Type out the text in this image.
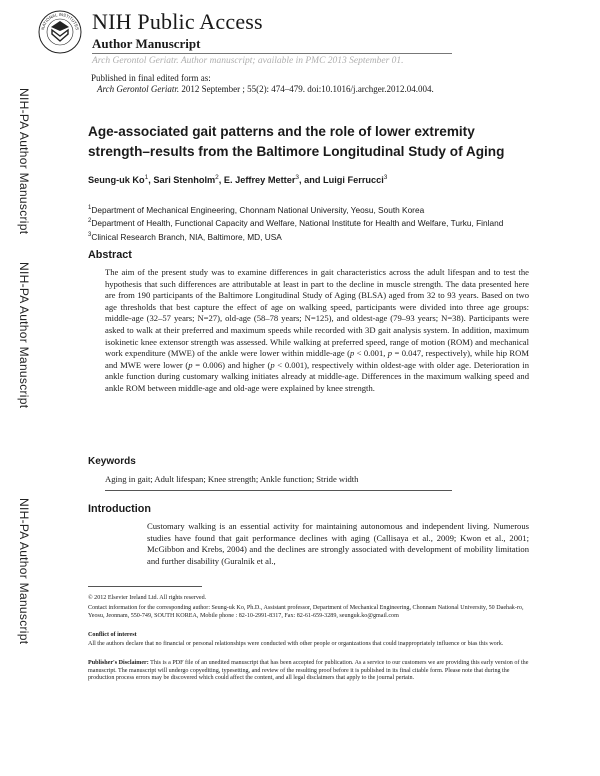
NATIONAL INSTITUTES NIH Public Access
Author Manuscript
Arch Gerontol Geriatr. Author manuscript; available in PMC 2013 September 01.
Published in final edited form as:
Arch Gerontol Geriatr. 2012 September ; 55(2): 474–479. doi:10.1016/j.archger.2012.04.004.
NIH-PA Author Manuscript
NIH-PA Author Manuscript
NIH-PA Author Manuscript
Age-associated gait patterns and the role of lower extremity strength–results from the Baltimore Longitudinal Study of Aging
Seung-uk Ko$^1$, Sari Stenholm$^2$, E. Jeffrey Metter$^3$, and Luigi Ferrucci$^3$
$^1$Department of Mechanical Engineering, Chonnam National University, Yeosu, South Korea
$^2$Department of Health, Functional Capacity and Welfare, National Institute for Health and Welfare, Turku, Finland $^3$Clinical Research Branch, NIA, Baltimore, MD, USA
Abstract
The aim of the present study was to examine differences in gait characteristics across the adult lifespan and to test the hypothesis that such differences are attributable at least in part to the decline in muscle strength. The data presented here are from 190 participants of the Baltimore Longitudinal Study of Aging (BLSA) aged from 32 to 93 years. Based on two age thresholds that best capture the effect of age on walking speed, participants were divided into three age groups: middle-age (32–57 years; N=27), old-age (58–78 years; N=125), and oldest-age (79–93 years; N=38). Participants were asked to walk at their preferred and maximum speeds while recorded with 3D gait analysis system. In addition, maximum isokinetic knee extensor strength was assessed. While walking at preferred speed, range of motion (ROM) and mechanical work expenditure (MWE) of the ankle were lower within middle-age (p < 0.001, p = 0.047, respectively), while hip ROM and MWE were lower (p = 0.006) and higher (p < 0.001), respectively within oldest-age with older age. Deterioration in ankle function during customary walking initiates already at middle-age. Differences in the maximum walking speed and ankle ROM between middle-age and old-age were explained by knee strength.
Keywords
Aging in gait; Adult lifespan; Knee strength; Ankle function; Stride width
Introduction
Customary walking is an essential activity for maintaining autonomous and independent living. Numerous studies have found that gait performance declines with aging (Callisaya et al., 2009; Kwon et al., 2001; McGibbon and Krebs, 2004) and the declines are strongly associated with development of mobility limitation and further disability (Guralnik et al.,
© 2012 Elsevier Ireland Ltd. All rights reserved.
Contact information for the corresponding author: Seung-uk Ko, Ph.D., Assistant professor, Department of Mechanical Engineering, Chonnam National University, 50 Daehak-ro, Yeosu, Jeonnam, 550-749, SOUTH KOREA, Mobile phone : 82-10-2991-8317, Fax: 82-61-659-3289, seunguk.ko@gmail.com
Conflict of interest
All the authors declare that no financial or personal relationships were conducted with other people or organizations that could inappropriately influence or bias this work.
Publisher's Disclaimer: This is a PDF file of an unedited manuscript that has been accepted for publication. As a service to our customers we are providing this early version of the manuscript. The manuscript will undergo copyediting, typesetting, and review of the resulting proof before it is published in its final citable form. Please note that during the production process errors may be discovered which could affect the content, and all legal disclaimers that apply to the journal pertain.
